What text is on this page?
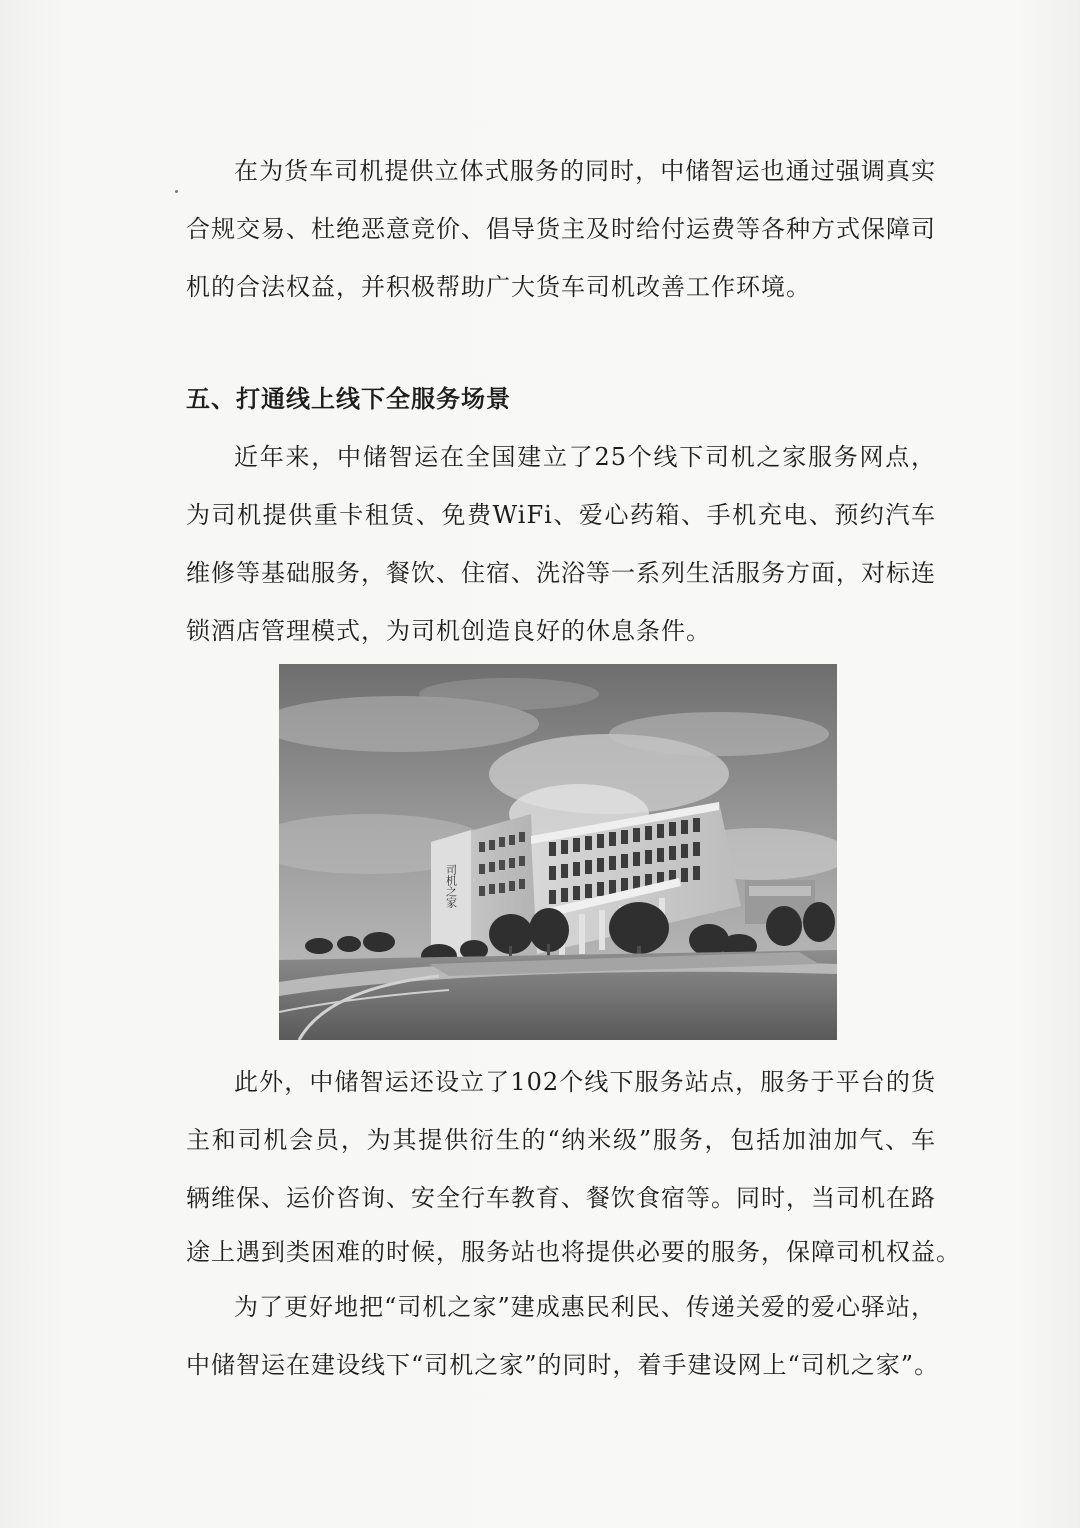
在为货车司机提供立体式服务的同时，中储智运也通过强调真实
合规交易、杜绝恶意竞价、倡导货主及时给付运费等各种方式保障司
机的合法权益，并积极帮助广大货车司机改善工作环境。
五、打通线上线下全服务场景
近年来，中储智运在全国建立了25个线下司机之家服务网点，
为司机提供重卡租赁、免费WiFi、爱心药箱、手机充电、预约汽车
维修等基础服务，餐饮、住宿、洗浴等一系列生活服务方面，对标连
锁酒店管理模式，为司机创造良好的休息条件。
司机之家
此外，中储智运还设立了102个线下服务站点，服务于平台的货
主和司机会员，为其提供衍生的“纳米级”服务，包括加油加气、车
辆维保、运价咨询、安全行车教育、餐饮食宿等。同时，当司机在路
途上遇到类困难的时候，服务站也将提供必要的服务，保障司机权益。
为了更好地把“司机之家”建成惠民利民、传递关爱的爱心驿站，
中储智运在建设线下“司机之家”的同时，着手建设网上“司机之家”。
